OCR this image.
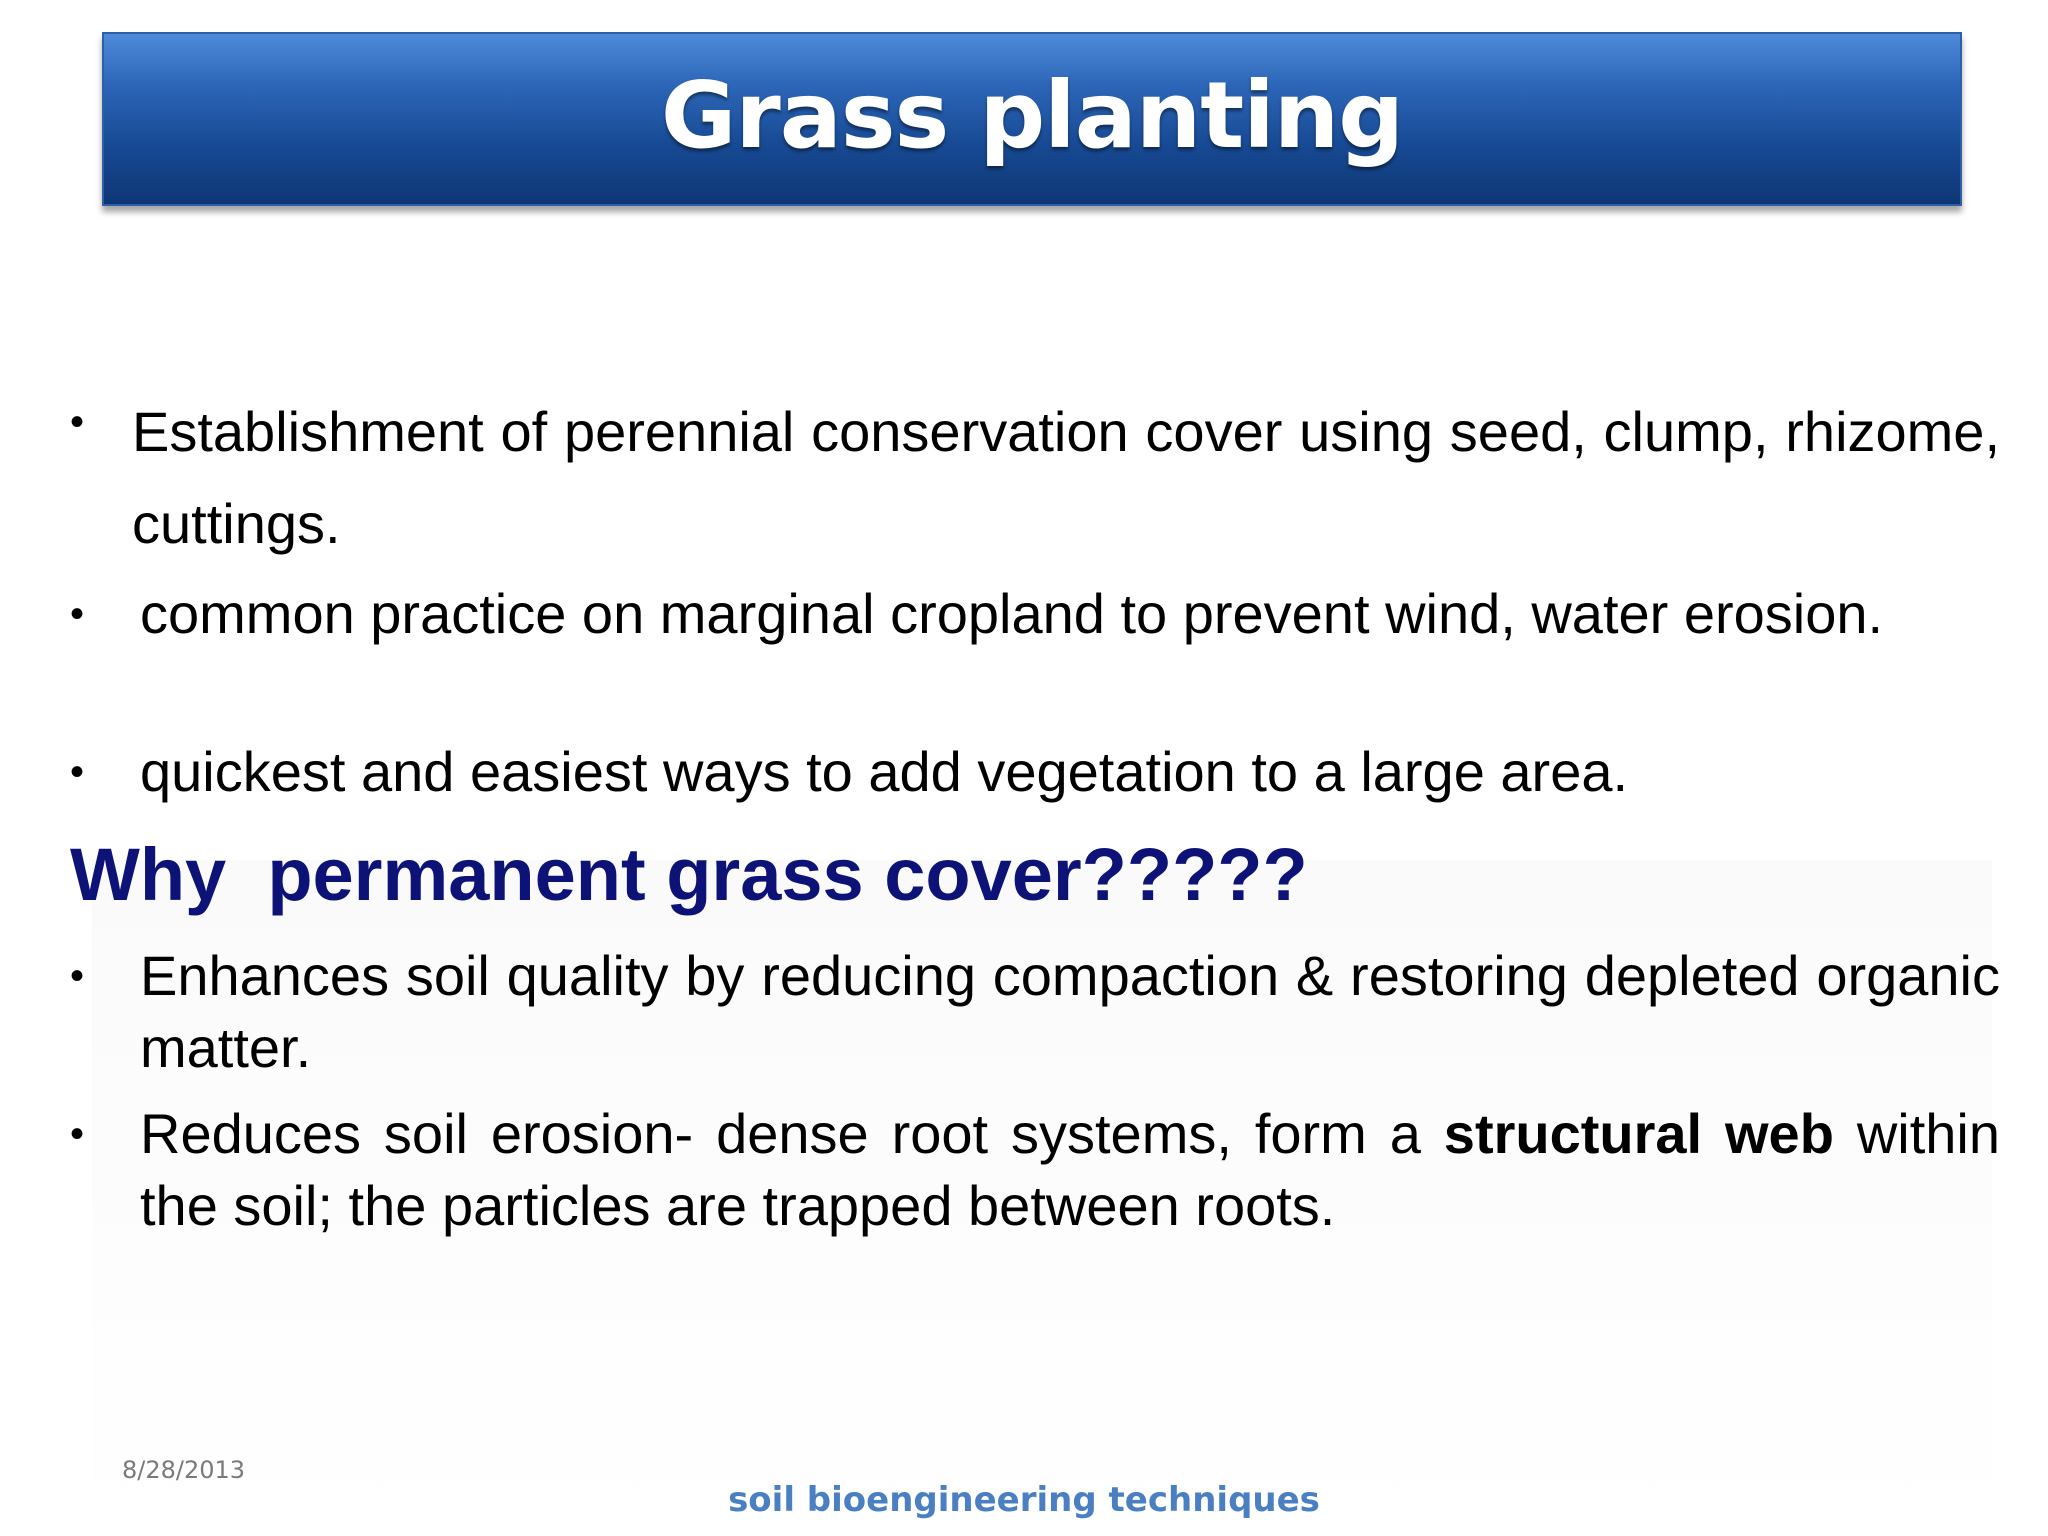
Grass planting
• Establishment of perennial conservation cover using seed, clump, rhizome, cuttings.
• common practice on marginal cropland to prevent wind, water erosion.
• quickest and easiest ways to add vegetation to a large area.
Why  permanent grass cover?????
• Enhances soil quality by reducing compaction & restoring depleted organic matter.
• Reduces soil erosion- dense root systems, form a structural web within the soil; the particles are trapped between roots.
8/28/2013
soil bioengineering techniques
